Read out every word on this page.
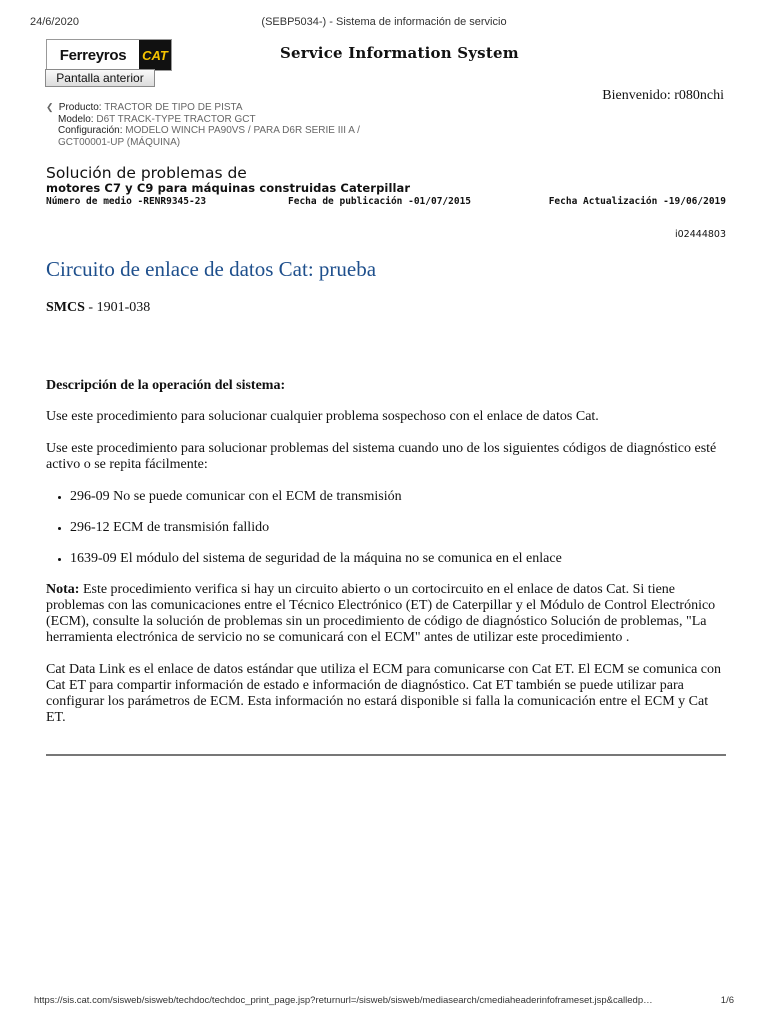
24/6/2020	(SEBP5034-) - Sistema de información de servicio
Ferreyros	CAT	Service Information System
Pantalla anterior
Bienvenido: r080nchi
❮ Producto: TRACTOR DE TIPO DE PISTA
Modelo: D6T TRACK-TYPE TRACTOR GCT
Configuración: MODELO WINCH PA90VS / PARA D6R SERIE III A /
GCT00001-UP (MÁQUINA)
Solución de problemas de
motores C7 y C9 para máquinas construidas Caterpillar
Número de medio -RENR9345-23	Fecha de publicación -01/07/2015	Fecha Actualización -19/06/2019
i02444803
Circuito de enlace de datos Cat: prueba
SMCS - 1901-038

Descripción de la operación del sistema:

Use este procedimiento para solucionar cualquier problema sospechoso con el enlace de datos Cat.

Use este procedimiento para solucionar problemas del sistema cuando uno de los siguientes códigos de diagnóstico esté activo o se repita fácilmente:

• 296-09 No se puede comunicar con el ECM de transmisión
• 296-12 ECM de transmisión fallido
• 1639-09 El módulo del sistema de seguridad de la máquina no se comunica en el enlace

Nota: Este procedimiento verifica si hay un circuito abierto o un cortocircuito en el enlace de datos Cat. Si tiene problemas con las comunicaciones entre el Técnico Electrónico (ET) de Caterpillar y el Módulo de Control Electrónico (ECM), consulte la solución de problemas sin un procedimiento de código de diagnóstico Solución de problemas, "La herramienta electrónica de servicio no se comunicará con el ECM" antes de utilizar este procedimiento .

Cat Data Link es el enlace de datos estándar que utiliza el ECM para comunicarse con Cat ET. El ECM se comunica con Cat ET para compartir información de estado e información de diagnóstico. Cat ET también se puede utilizar para configurar los parámetros de ECM. Esta información no estará disponible si falla la comunicación entre el ECM y Cat ET.

https://sis.cat.com/sisweb/sisweb/techdoc/techdoc_print_page.jsp?returnurl=/sisweb/sisweb/mediasearch/cmediaheaderinfoframeset.jsp&calledp…	1/6
